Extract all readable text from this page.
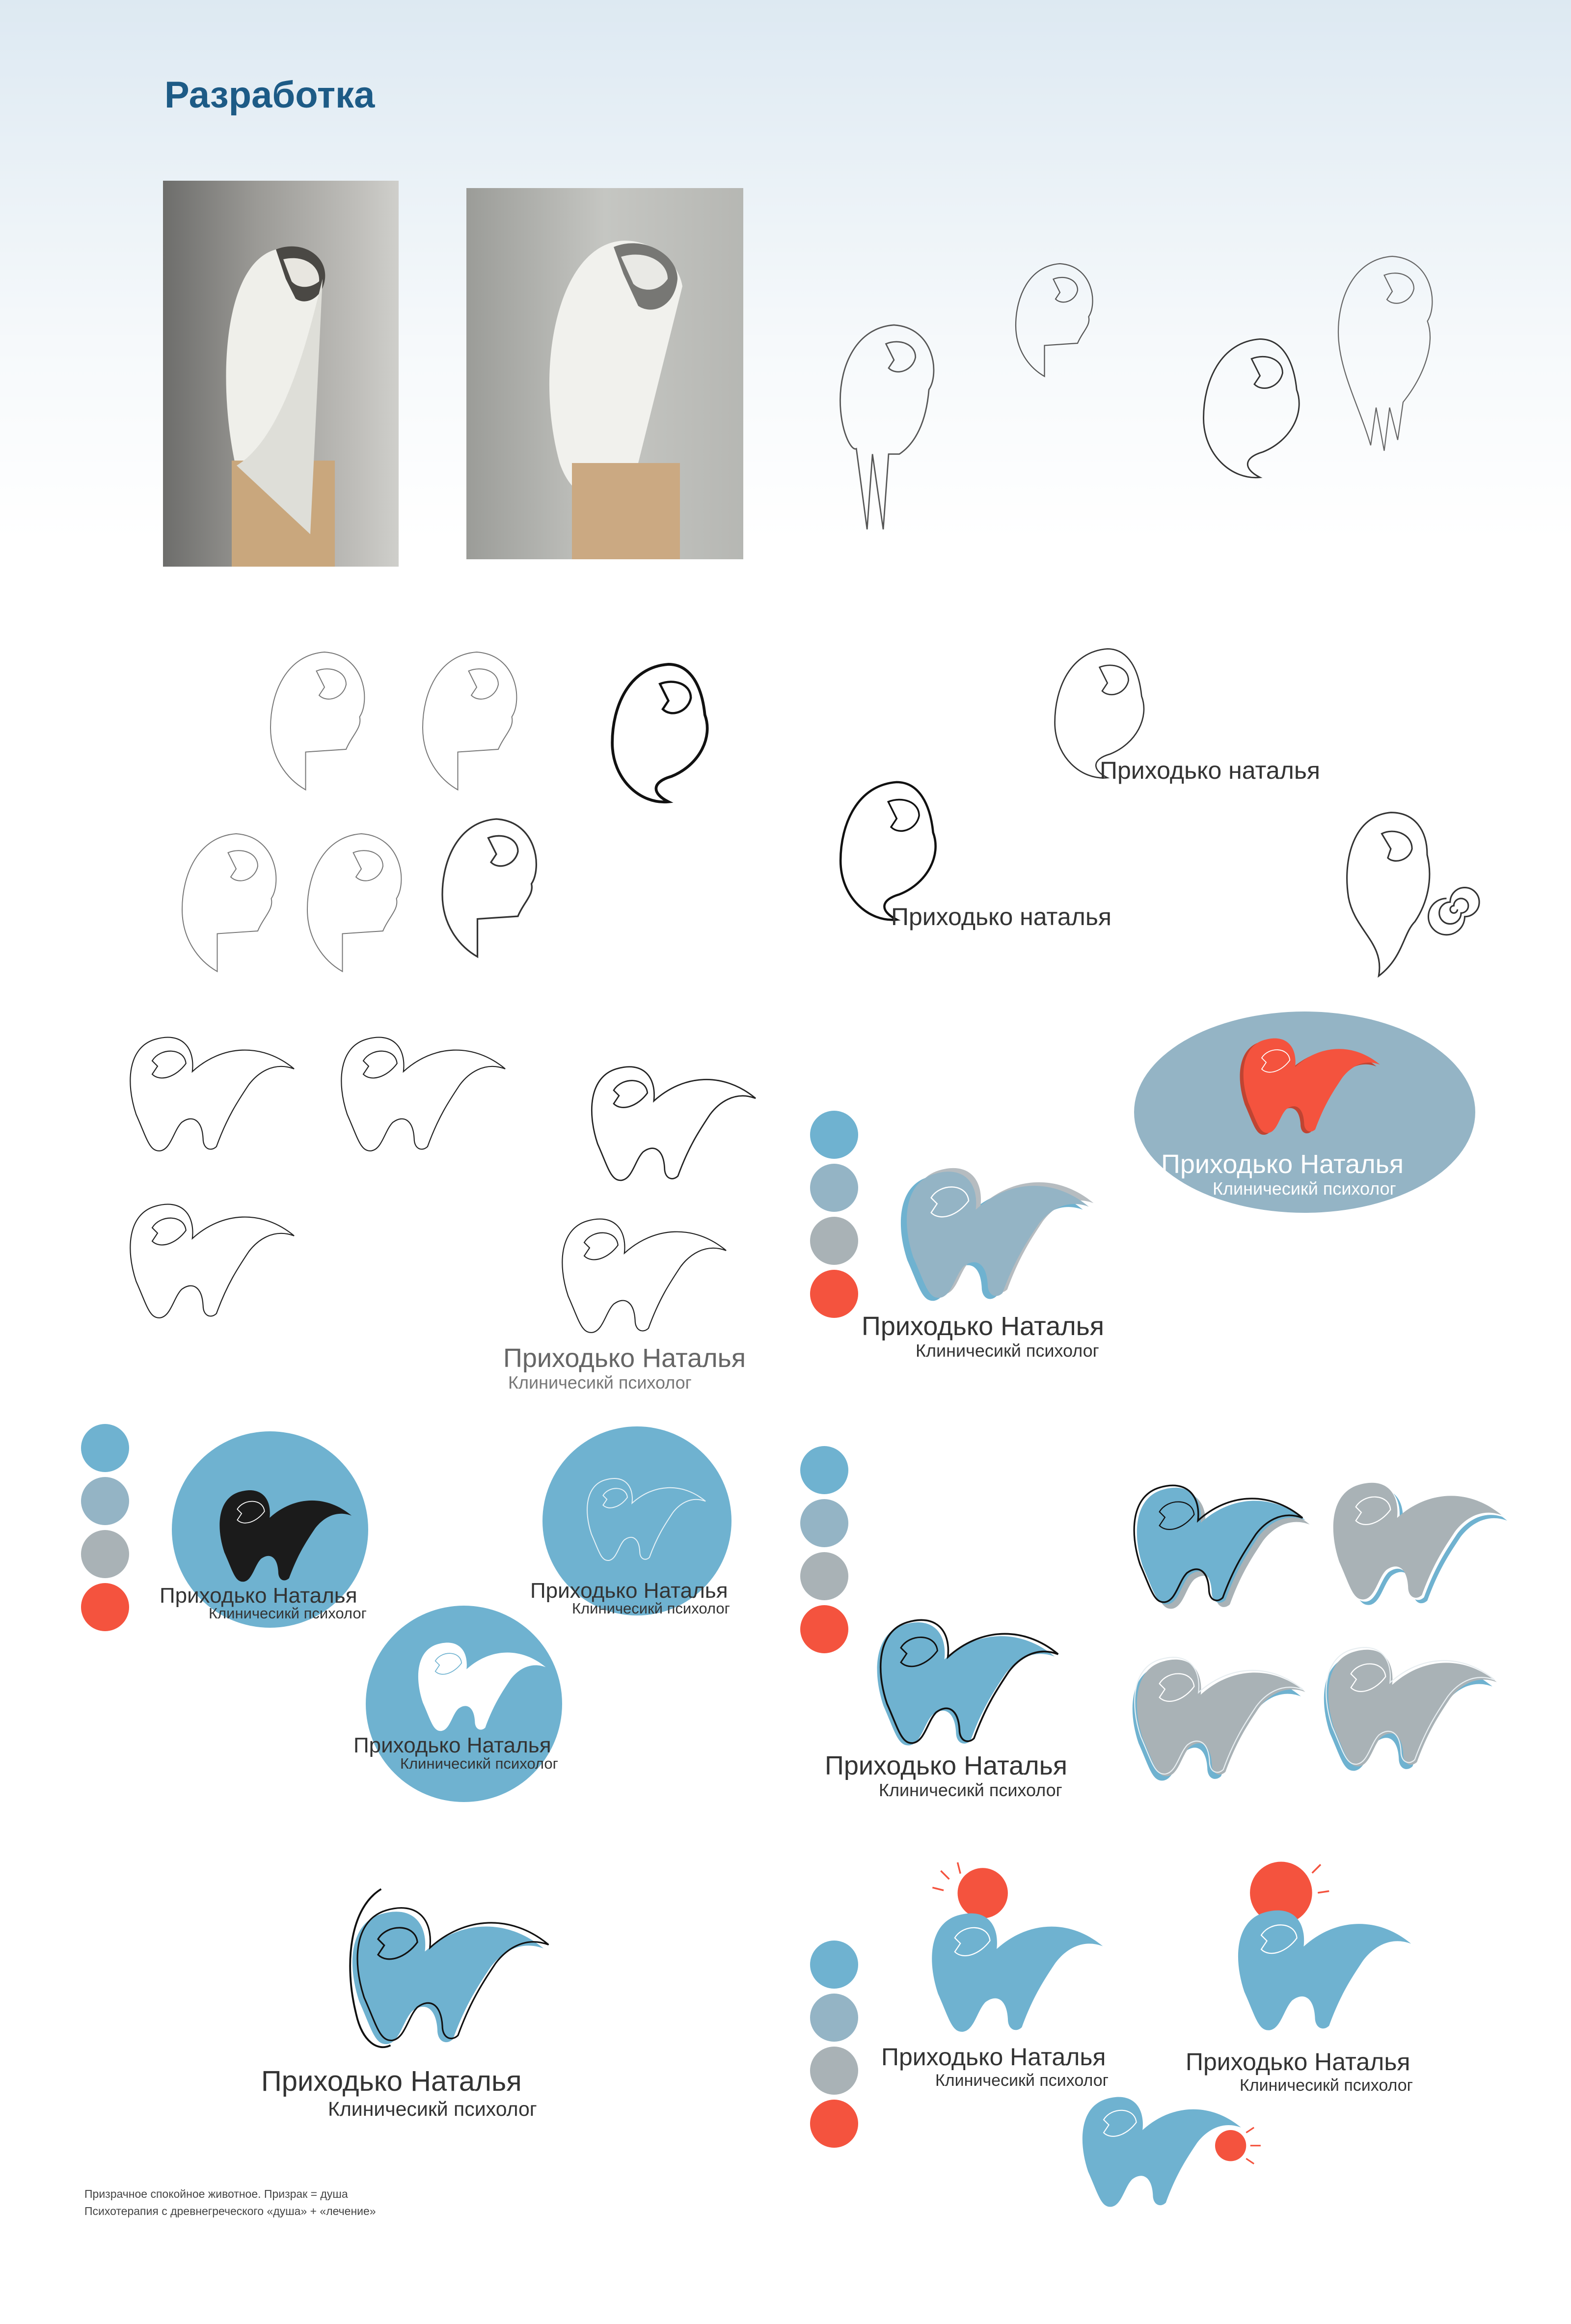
Разработка
Приходько наталья
Приходько наталья
Приходько Наталья
Клиничесикй психолог
Приходько Наталья
Клиничесикй психолог
Приходько Наталья
Клиничесикй психолог
Приходько Наталья
Клиничесикй психолог
Приходько Наталья
Клиничесикй психолог
Приходько Наталья
Клиничесикй психолог	Приходько Наталья
Клиничесикй психолог
Приходько Наталья
Клиничесикй психолог
Призрачное спокойное животное. Призрак = душа
Психотерапия с древнегреческого «душа» + «лечение»
Приходько Наталья
Клиничесикй психолог
Приходько Наталья
Клиничесикй психолог
